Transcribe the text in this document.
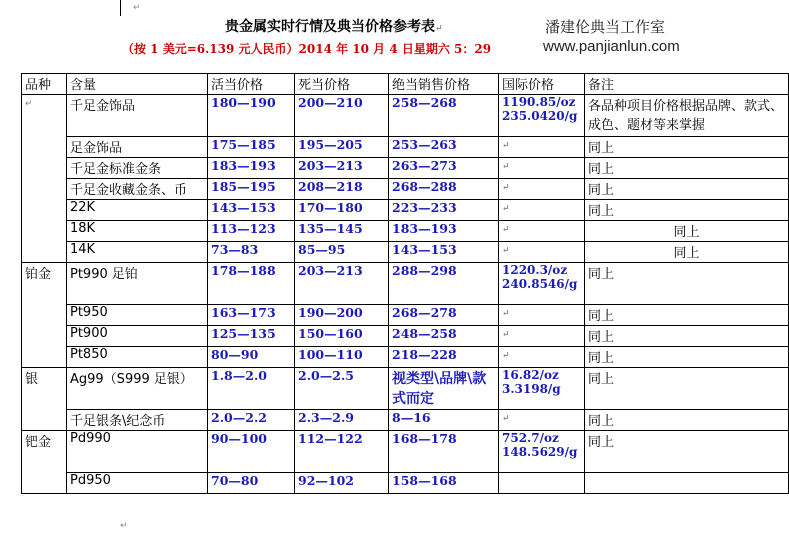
↵
贵金属实时行情及典当价格参考表↵
（按 1 美元=6.139 元人民币）2014 年 10 月 4 日星期六 5：29
潘建伦典当工作室
www.panjianlun.com
品种	含量	活当价格	死当价格	绝当销售价格	国际价格	备注
↵	千足金饰品	180—190	200—210	258—268	1190.85/oz 235.0420/g	各品种项目价格根据品牌、款式、成色、题材等来掌握
	足金饰品	175—185	195—205	253—263	↵	同上
	千足金标准金条	183—193	203—213	263—273	↵	同上
	千足金收藏金条、币	185—195	208—218	268—288	↵	同上
	22K	143—153	170—180	223—233	↵	同上
	18K	113—123	135—145	183—193	↵	同上

	14K	73—83	85—95	143—153	↵	同上

铂金	Pt990 足铂	178—188	203—213	288—298	1220.3/oz 240.8546/g	同上
	Pt950	163—173	190—200	268—278	↵	同上
	Pt900	125—135	150—160	248—258	↵	同上
	Pt850	80—90	100—110	218—228	↵	同上
银	Ag99（S999 足银）	1.8—2.0	2.0—2.5	视类型\品牌\款式而定	16.82/oz 3.3198/g	同上
	千足银条\纪念币	2.0—2.2	2.3—2.9	8—16	↵	同上
钯金	Pd990	90—100	112—122	168—178	752.7/oz 148.5629/g	同上
	Pd950	70—80	92—102	158—168		
↵
